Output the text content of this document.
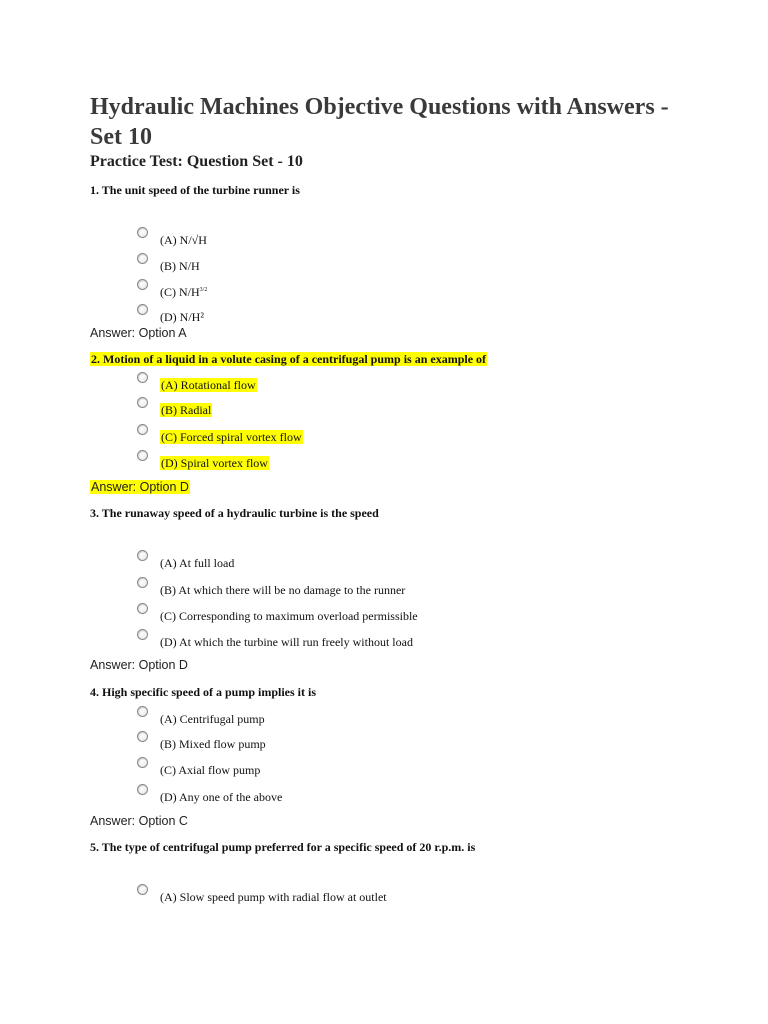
Hydraulic Machines Objective Questions with Answers - Set 10
Practice Test: Question Set - 10
1. The unit speed of the turbine runner is
(A) N/√H
(B) N/H
(C) $N/H^{3/2}$
(D) N/H²
Answer: Option A
2. Motion of a liquid in a volute casing of a centrifugal pump is an example of
(A) Rotational flow
(B) Radial
(C) Forced spiral vortex flow
(D) Spiral vortex flow
Answer: Option D
3. The runaway speed of a hydraulic turbine is the speed
(A) At full load
(B) At which there will be no damage to the runner
(C) Corresponding to maximum overload permissible
(D) At which the turbine will run freely without load
Answer: Option D
4. High specific speed of a pump implies it is
(A) Centrifugal pump
(B) Mixed flow pump
(C) Axial flow pump
(D) Any one of the above
Answer: Option C
5. The type of centrifugal pump preferred for a specific speed of 20 r.p.m. is
(A) Slow speed pump with radial flow at outlet
